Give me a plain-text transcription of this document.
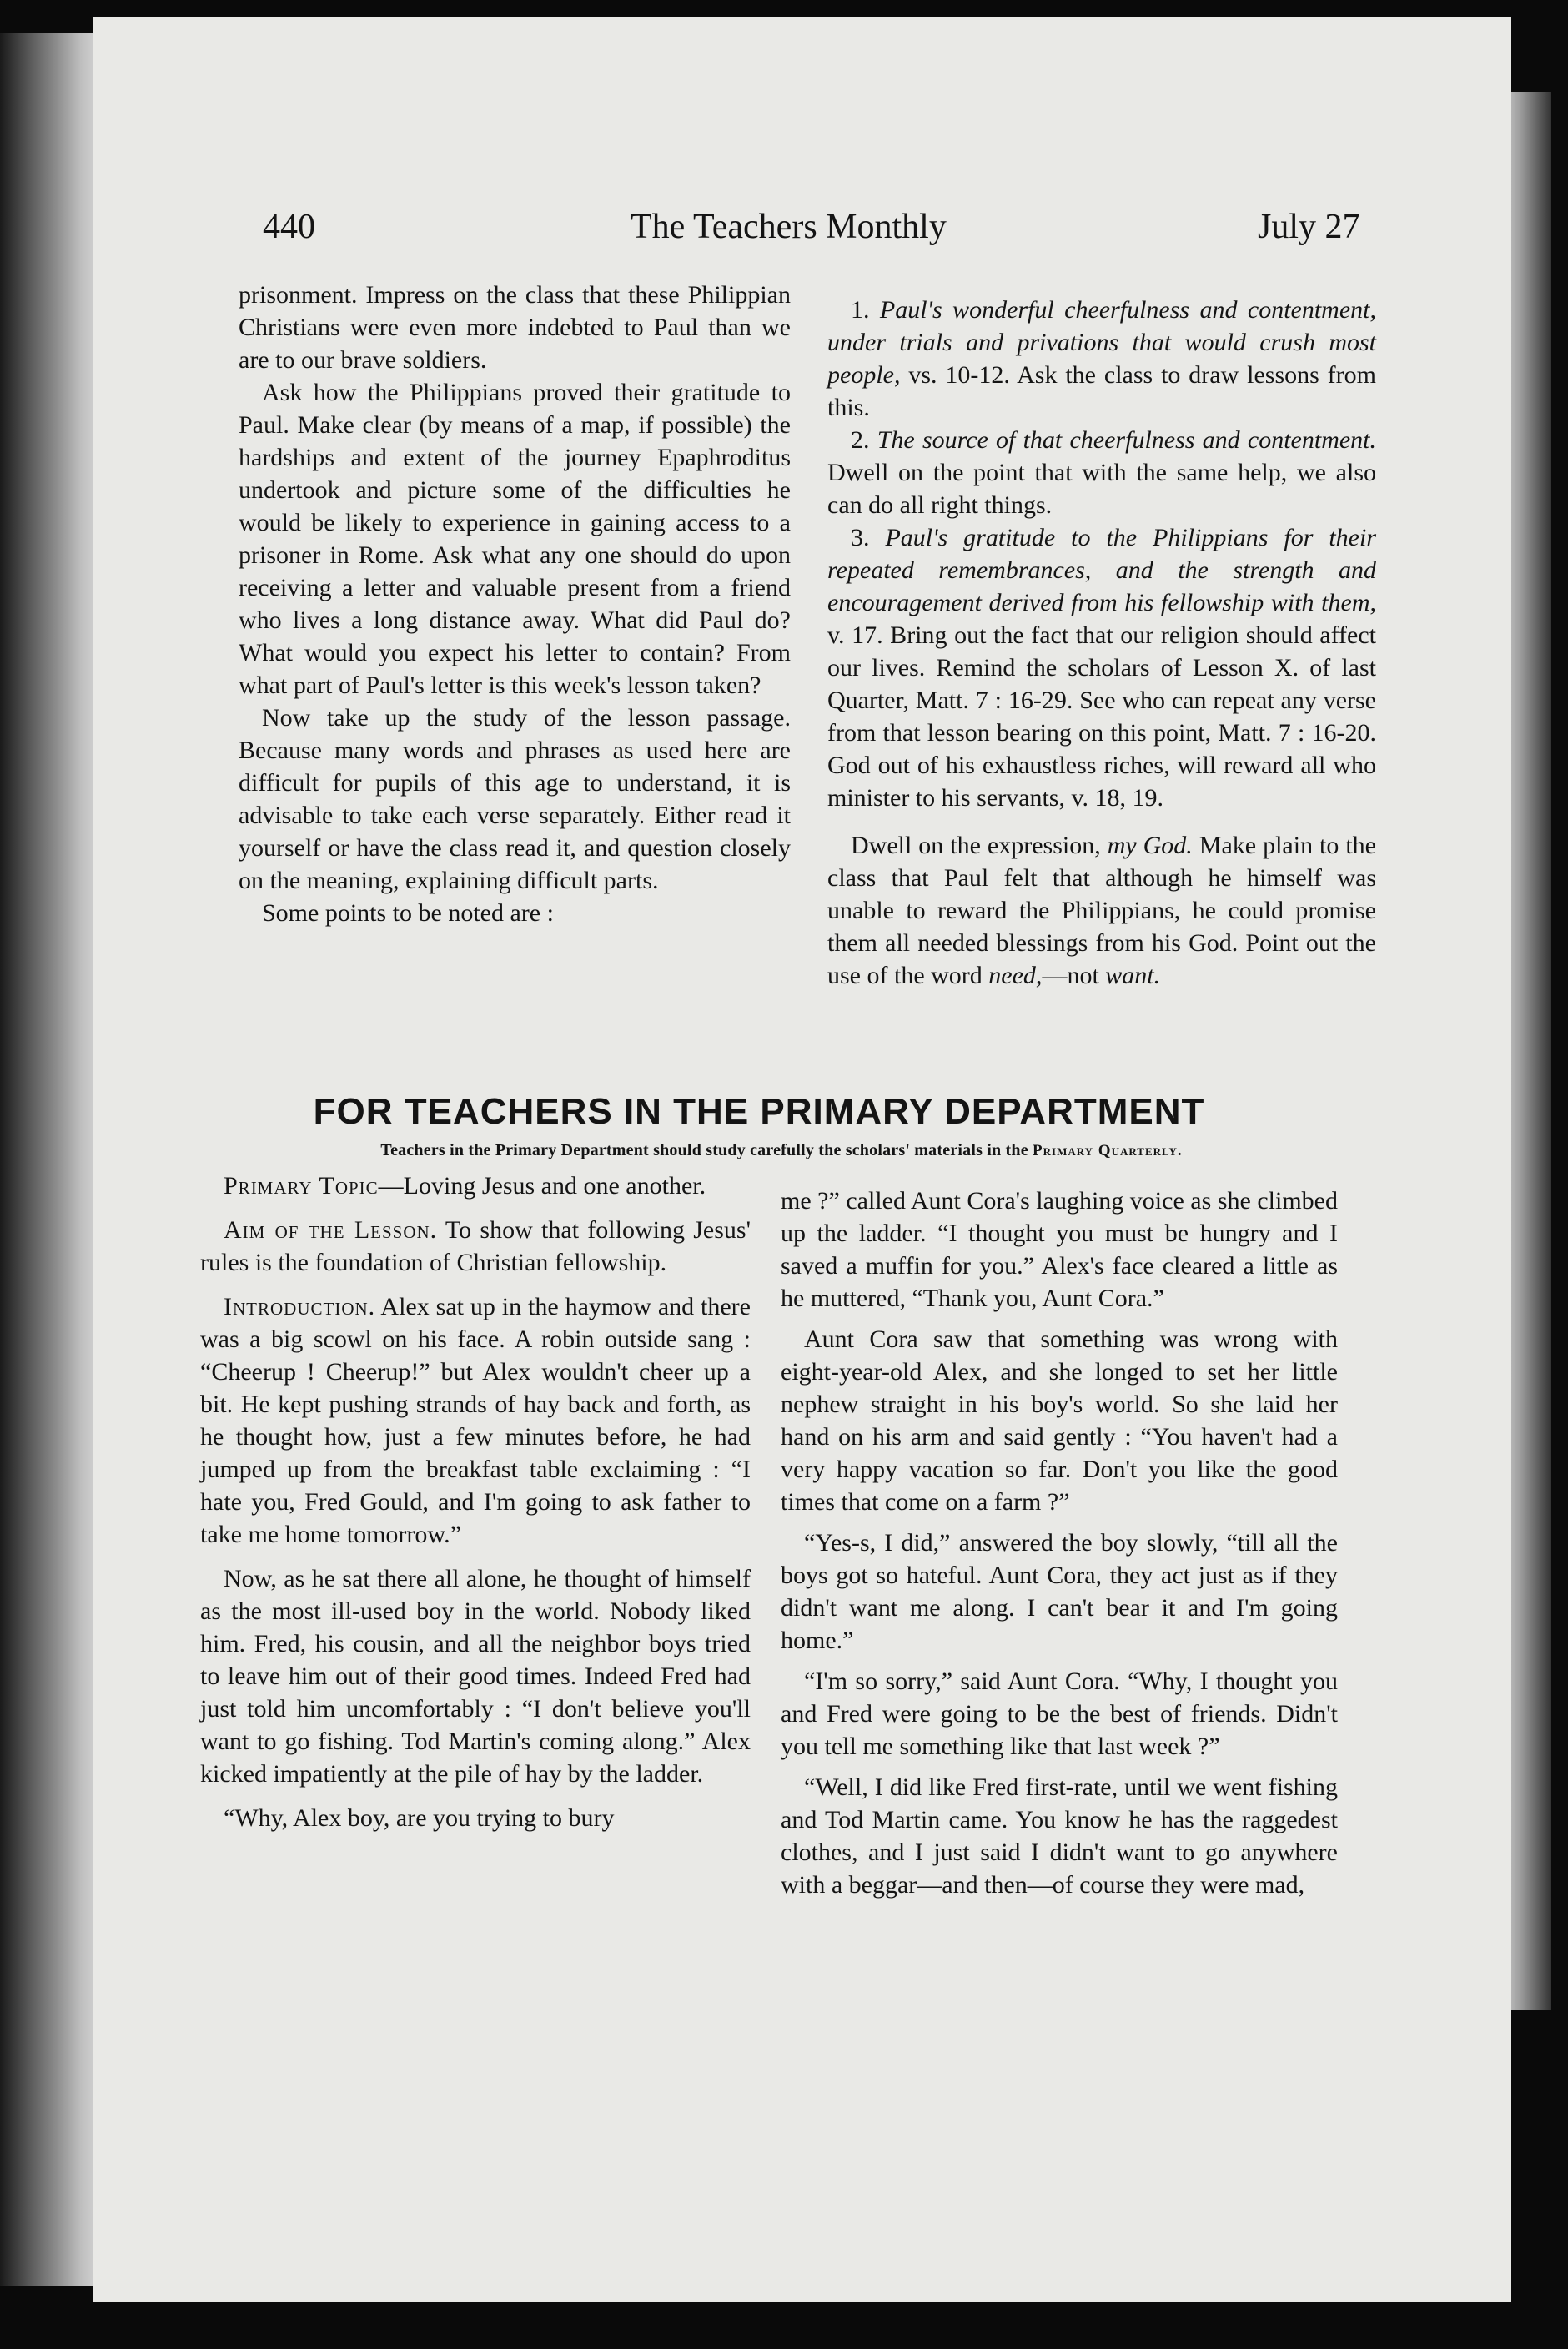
440	The Teachers Monthly	July 27

prisonment. Impress on the class that these Philippian Christians were even more indebted to Paul than we are to our brave soldiers.

Ask how the Philippians proved their gratitude to Paul. Make clear (by means of a map, if possible) the hardships and extent of the journey Epaphroditus undertook and picture some of the difficulties he would be likely to experience in gaining access to a prisoner in Rome. Ask what any one should do upon receiving a letter and valuable present from a friend who lives a long distance away. What did Paul do? What would you expect his letter to contain? From what part of Paul's letter is this week's lesson taken?

Now take up the study of the lesson passage. Because many words and phrases as used here are difficult for pupils of this age to understand, it is advisable to take each verse separately. Either read it yourself or have the class read it, and question closely on the meaning, explaining difficult parts.

Some points to be noted are :

1. Paul's wonderful cheerfulness and contentment, under trials and privations that would crush most people, vs. 10-12. Ask the class to draw lessons from this.

2. The source of that cheerfulness and contentment. Dwell on the point that with the same help, we also can do all right things.

3. Paul's gratitude to the Philippians for their repeated remembrances, and the strength and encouragement derived from his fellowship with them, v. 17. Bring out the fact that our religion should affect our lives. Remind the scholars of Lesson X. of last Quarter, Matt. 7 : 16-29. See who can repeat any verse from that lesson bearing on this point, Matt. 7 : 16-20. God out of his exhaustless riches, will reward all who minister to his servants, v. 18, 19.

Dwell on the expression, my God. Make plain to the class that Paul felt that although he himself was unable to reward the Philippians, he could promise them all needed blessings from his God. Point out the use of the word need,—not want.

FOR TEACHERS IN THE PRIMARY DEPARTMENT
Teachers in the Primary Department should study carefully the scholars' materials in the Primary Quarterly.

Primary Topic—Loving Jesus and one another.

Aim of the Lesson. To show that following Jesus' rules is the foundation of Christian fellowship.

Introduction. Alex sat up in the haymow and there was a big scowl on his face. A robin outside sang : “Cheerup ! Cheerup!” but Alex wouldn't cheer up a bit. He kept pushing strands of hay back and forth, as he thought how, just a few minutes before, he had jumped up from the breakfast table exclaiming : “I hate you, Fred Gould, and I'm going to ask father to take me home tomorrow.”

Now, as he sat there all alone, he thought of himself as the most ill-used boy in the world. Nobody liked him. Fred, his cousin, and all the neighbor boys tried to leave him out of their good times. Indeed Fred had just told him uncomfortably : “I don't believe you'll want to go fishing. Tod Martin's coming along.” Alex kicked impatiently at the pile of hay by the ladder.

“Why, Alex boy, are you trying to bury

me ?” called Aunt Cora's laughing voice as she climbed up the ladder. “I thought you must be hungry and I saved a muffin for you.” Alex's face cleared a little as he muttered, “Thank you, Aunt Cora.”

Aunt Cora saw that something was wrong with eight-year-old Alex, and she longed to set her little nephew straight in his boy's world. So she laid her hand on his arm and said gently : “You haven't had a very happy vacation so far. Don't you like the good times that come on a farm ?”

“Yes-s, I did,” answered the boy slowly, “till all the boys got so hateful. Aunt Cora, they act just as if they didn't want me along. I can't bear it and I'm going home.”

“I'm so sorry,” said Aunt Cora. “Why, I thought you and Fred were going to be the best of friends. Didn't you tell me something like that last week ?”

“Well, I did like Fred first-rate, until we went fishing and Tod Martin came. You know he has the raggedest clothes, and I just said I didn't want to go anywhere with a beggar—and then—of course they were mad,
